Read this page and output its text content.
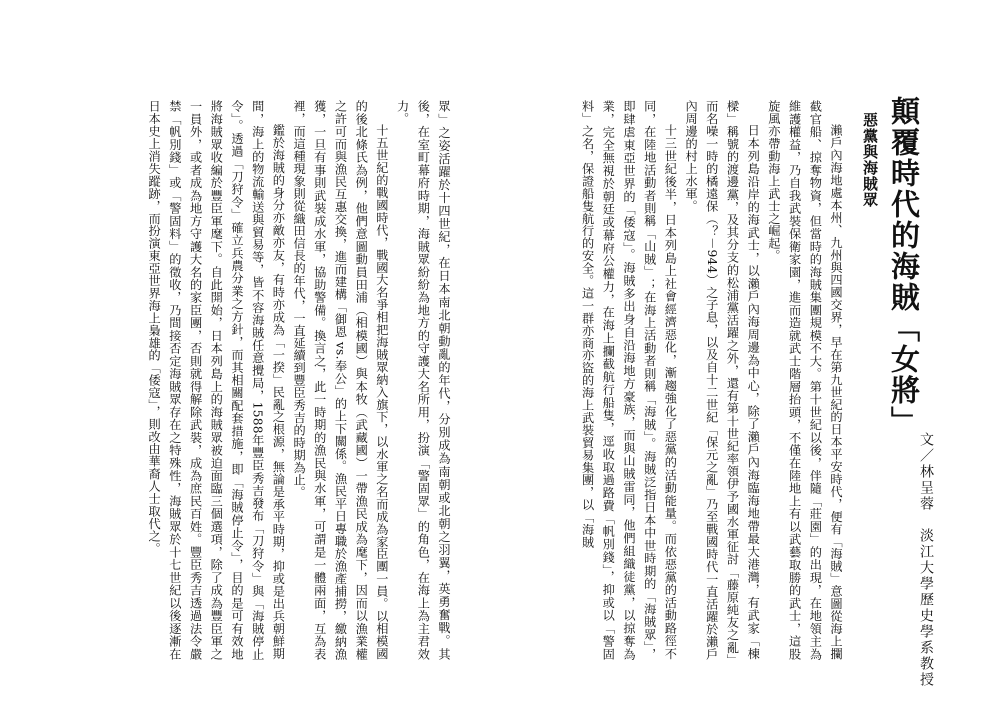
顛覆時代的海賊「女將」
文／林呈蓉　淡江大學歷史學系教授
惡黨與海賊眾

瀨戶內海地處本州、九州與四國交界，早在第九世紀的日本平安時代，便有「海賊」意圖從海上攔截官船、掠奪物資，但當時的海賊集團規模不大。第十世紀以後，伴隨「莊園」的出現，在地領主為維護權益，乃自我武裝保衛家園，進而造就武士階層抬頭，不僅在陸地上有以武藝取勝的武士，這股旋風亦帶動海上武士之崛起。

日本列島沿岸的海武士，以瀨戶內海周邊為中心，除了瀨戶內海臨海地帶最大港灣，有武家「棟樑」稱號的渡邊黨，及其分支的松浦黨活躍之外，還有第十世紀率領伊予國水軍征討「藤原純友之亂」而名噪一時的橘遠保（？－944）之子息，以及自十二世紀「保元之亂」乃至戰國時代一直活躍於瀨戶內周邊的村上水軍。

十三世紀後半，日本列島上社會經濟惡化，漸趨強化了惡黨的活動能量。而依惡黨的活動路徑不同，在陸地活動者則稱「山賊」；在海上活動者則稱「海賊」。海賊泛指日本中世時期的「海賊眾」，即肆虐東亞世界的「倭寇」。海賊多出身自沿海地方豪族，而與山賊雷同，他們組織徒黨，以掠奪為業，完全無視於朝廷或幕府公權力，在海上攔截航行船隻，逕收取過路費「帆別錢」，抑或以「警固料」之名，保證船隻航行的安全。這一群亦商亦盜的海上武裝貿易集團，以「海賊

眾」之姿活躍於十四世紀，在日本南北朝動亂的年代，分別成為南朝或北朝之羽翼，英勇奮戰。其後，在室町幕府時期，海賊眾紛紛為地方的守護大名所用，扮演「警固眾」的角色，在海上為主君效力。

十五世紀的戰國時代，戰國大名爭相把海賊眾納入旗下，以水軍之名而成為家臣團一員。以相模國的後北條氏為例，他們意圖動員田浦（相模國）與本牧（武藏國）一帶漁民成為麾下，因而以漁業權之許可而與漁民互惠交換，進而建構「御恩 vs.奉公」的上下關係。漁民平日專職於漁產捕撈，繳納漁獲，一旦有事則武裝成水軍，協助警備。換言之，此一時期的漁民與水軍，可謂是一體兩面，互為表裡，而這種現象則從織田信長的年代，一直延續到豐臣秀吉的時期為止。

鑑於海賊的身分亦敵亦友，有時亦成為「一揆」民亂之根源，無論是承平時期，抑或是出兵朝鮮期間，海上的物流輸送與貿易等，皆不容海賊任意攪局，1588年豐臣秀吉發布「刀狩令」與「海賊停止令」。透過「刀狩令」確立兵農分業之方針，而其相關配套措施，即「海賊停止令」，目的是可有效地將海賊眾收編於豐臣軍麾下。自此開始，日本列島上的海賊眾被迫面臨三個選項，除了成為豐臣軍之一員外，或者成為地方守護大名的家臣團，否則就得解除武裝，成為庶民百姓。豐臣秀吉透過法令嚴禁「帆別錢」或「警固料」的徵收，乃間接否定海賊眾存在之特殊性，海賊眾於十七世紀以後逐漸在日本史上消失蹤跡，而扮演東亞世界海上梟雄的「倭寇」，則改由華裔人士取代之。
